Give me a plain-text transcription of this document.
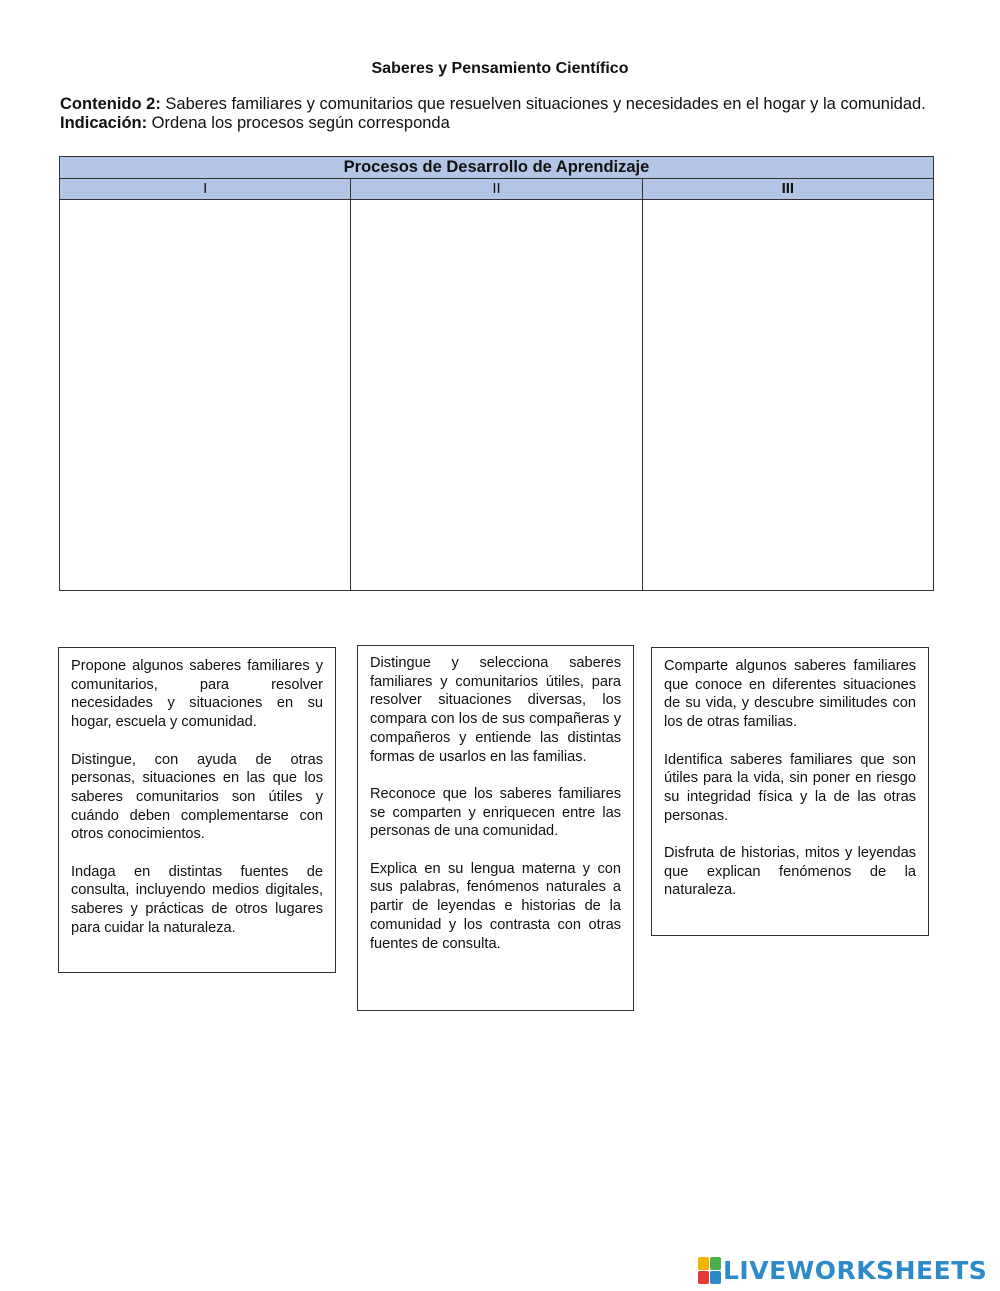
Saberes y Pensamiento Científico
Contenido 2: Saberes familiares y comunitarios que resuelven situaciones y necesidades en el hogar y la comunidad.
Indicación: Ordena los procesos según corresponda
Procesos de Desarrollo de Aprendizaje		
I	II	III

Propone algunos saberes familiares y comunitarios, para resolver necesidades y situaciones en su hogar, escuela y comunidad.

Distingue, con ayuda de otras personas, situaciones en las que los saberes comunitarios son útiles y cuándo deben complementarse con otros conocimientos.

Indaga en distintas fuentes de consulta, incluyendo medios digitales, saberes y prácticas de otros lugares para cuidar la naturaleza.

Distingue y selecciona saberes familiares y comunitarios útiles, para resolver situaciones diversas, los compara con los de sus compañeras y compañeros y entiende las distintas formas de usarlos en las familias.

Reconoce que los saberes familiares se comparten y enriquecen entre las personas de una comunidad.

Explica en su lengua materna y con sus palabras, fenómenos naturales a partir de leyendas e historias de la comunidad y los contrasta con otras fuentes de consulta.

Comparte algunos saberes familiares que conoce en diferentes situaciones de su vida, y descubre similitudes con los de otras familias.

Identifica saberes familiares que son útiles para la vida, sin poner en riesgo su integridad física y la de las otras personas.

Disfruta de historias, mitos y leyendas que explican fenómenos de la naturaleza.

LIVEWORKSHEETS
